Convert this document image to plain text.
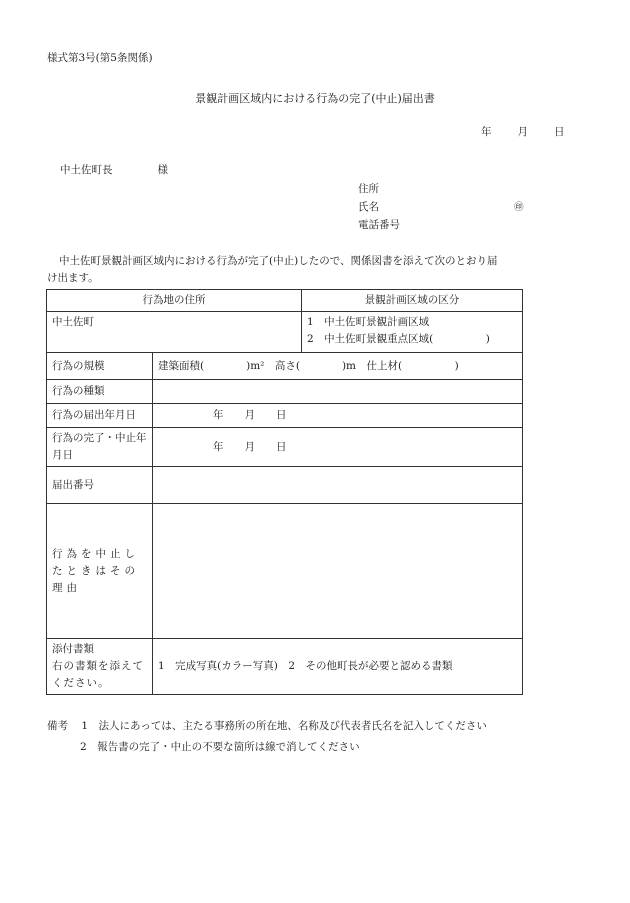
様式第3号(第5条関係)
景観計画区域内における行為の完了(中止)届出書
年 月 日
中土佐町長	様
住所
氏名
電話番号
㊞
中土佐町景観計画区域内における行為が完了(中止)したので、関係図書を添えて次のとおり届け出ます。
行為地の住所		景観計画区域の区分
中土佐町		1　中土佐町景観計画区域
2　中土佐町景観重点区域(　　　　　)

行為の規模	建築面積(　　　　)m²　高さ(　　　　)m　仕上材(　　　　　)	
行為の種類		
行為の届出年月日	年　　月　　日	
行為の完了・中止年月日	年　　月　　日	
届出番号		
行為を中止したときはその理由		

添付書類
右の書類を添えてください。	1　完成写真(カラー写真)　2　その他町長が必要と認める書類	
備考 1　法人にあっては、主たる事務所の所在地、名称及び代表者氏名を記入してください
2　報告書の完了・中止の不要な箇所は線で消してください
